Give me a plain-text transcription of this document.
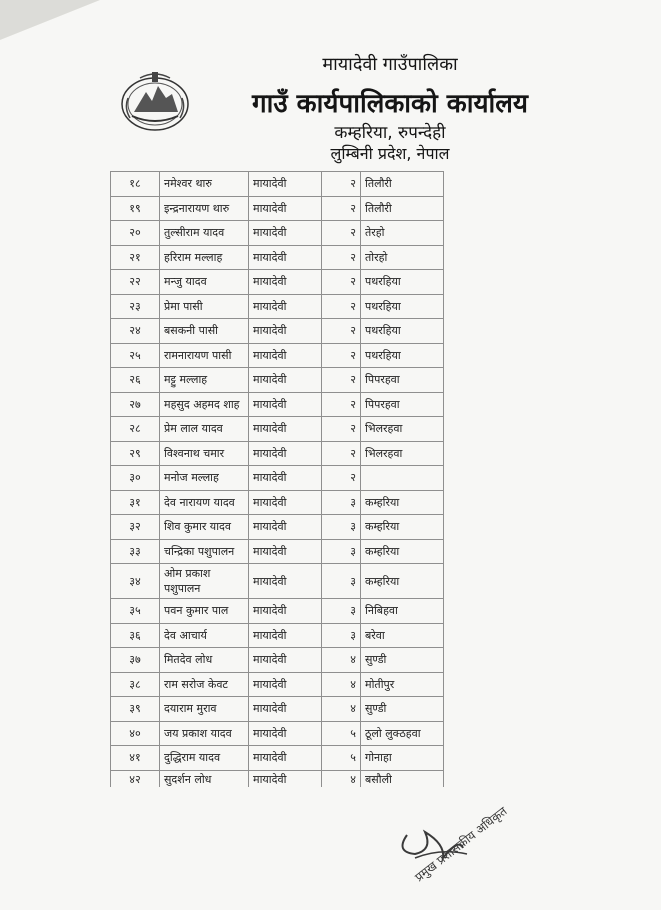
मायादेवी गाउँपालिका
गाउँ कार्यपालिकाको कार्यालय
कम्हरिया, रुपन्देही
लुम्बिनी प्रदेश, नेपाल
१८	नमेश्वर थारु	मायादेवी	२	तिलौरी
१९	इन्द्रनारायण थारु	मायादेवी	२	तिलौरी
२०	तुल्सीराम यादव	मायादेवी	२	तेरहो
२१	हरिराम मल्लाह	मायादेवी	२	तोरहो
२२	मन्जु यादव	मायादेवी	२	पथरहिया
२३	प्रेमा पासी	मायादेवी	२	पथरहिया
२४	बसकनी पासी	मायादेवी	२	पथरहिया
२५	रामनारायण पासी	मायादेवी	२	पथरहिया
२६	मट्टु मल्लाह	मायादेवी	२	पिपरहवा
२७	महसुद अहमद शाह	मायादेवी	२	पिपरहवा
२८	प्रेम लाल यादव	मायादेवी	२	भिलरहवा
२९	विश्वनाथ चमार	मायादेवी	२	भिलरहवा
३०	मनोज मल्लाह	मायादेवी	२	
३१	देव नारायण यादव	मायादेवी	३	कम्हरिया
३२	शिव कुमार यादव	मायादेवी	३	कम्हरिया
३३	चन्द्रिका पशुपालन	मायादेवी	३	कम्हरिया
३४	ओम प्रकाश पशुपालन	मायादेवी	३	कम्हरिया
३५	पवन कुमार पाल	मायादेवी	३	निबिहवा
३६	देव आचार्य	मायादेवी	३	बरेवा
३७	मितदेव लोध	मायादेवी	४	सुण्डी
३८	राम सरोज केवट	मायादेवी	४	मोतीपुर
३९	दयाराम मुराव	मायादेवी	४	सुण्डी
४०	जय प्रकाश यादव	मायादेवी	५	ठूलो लुक्ठहवा
४१	दुद्धिराम यादव	मायादेवी	५	गोनाहा
४२	सुदर्शन लोध	मायादेवी	४	बसौली
प्रमुख प्रशासकीय अधिकृत
